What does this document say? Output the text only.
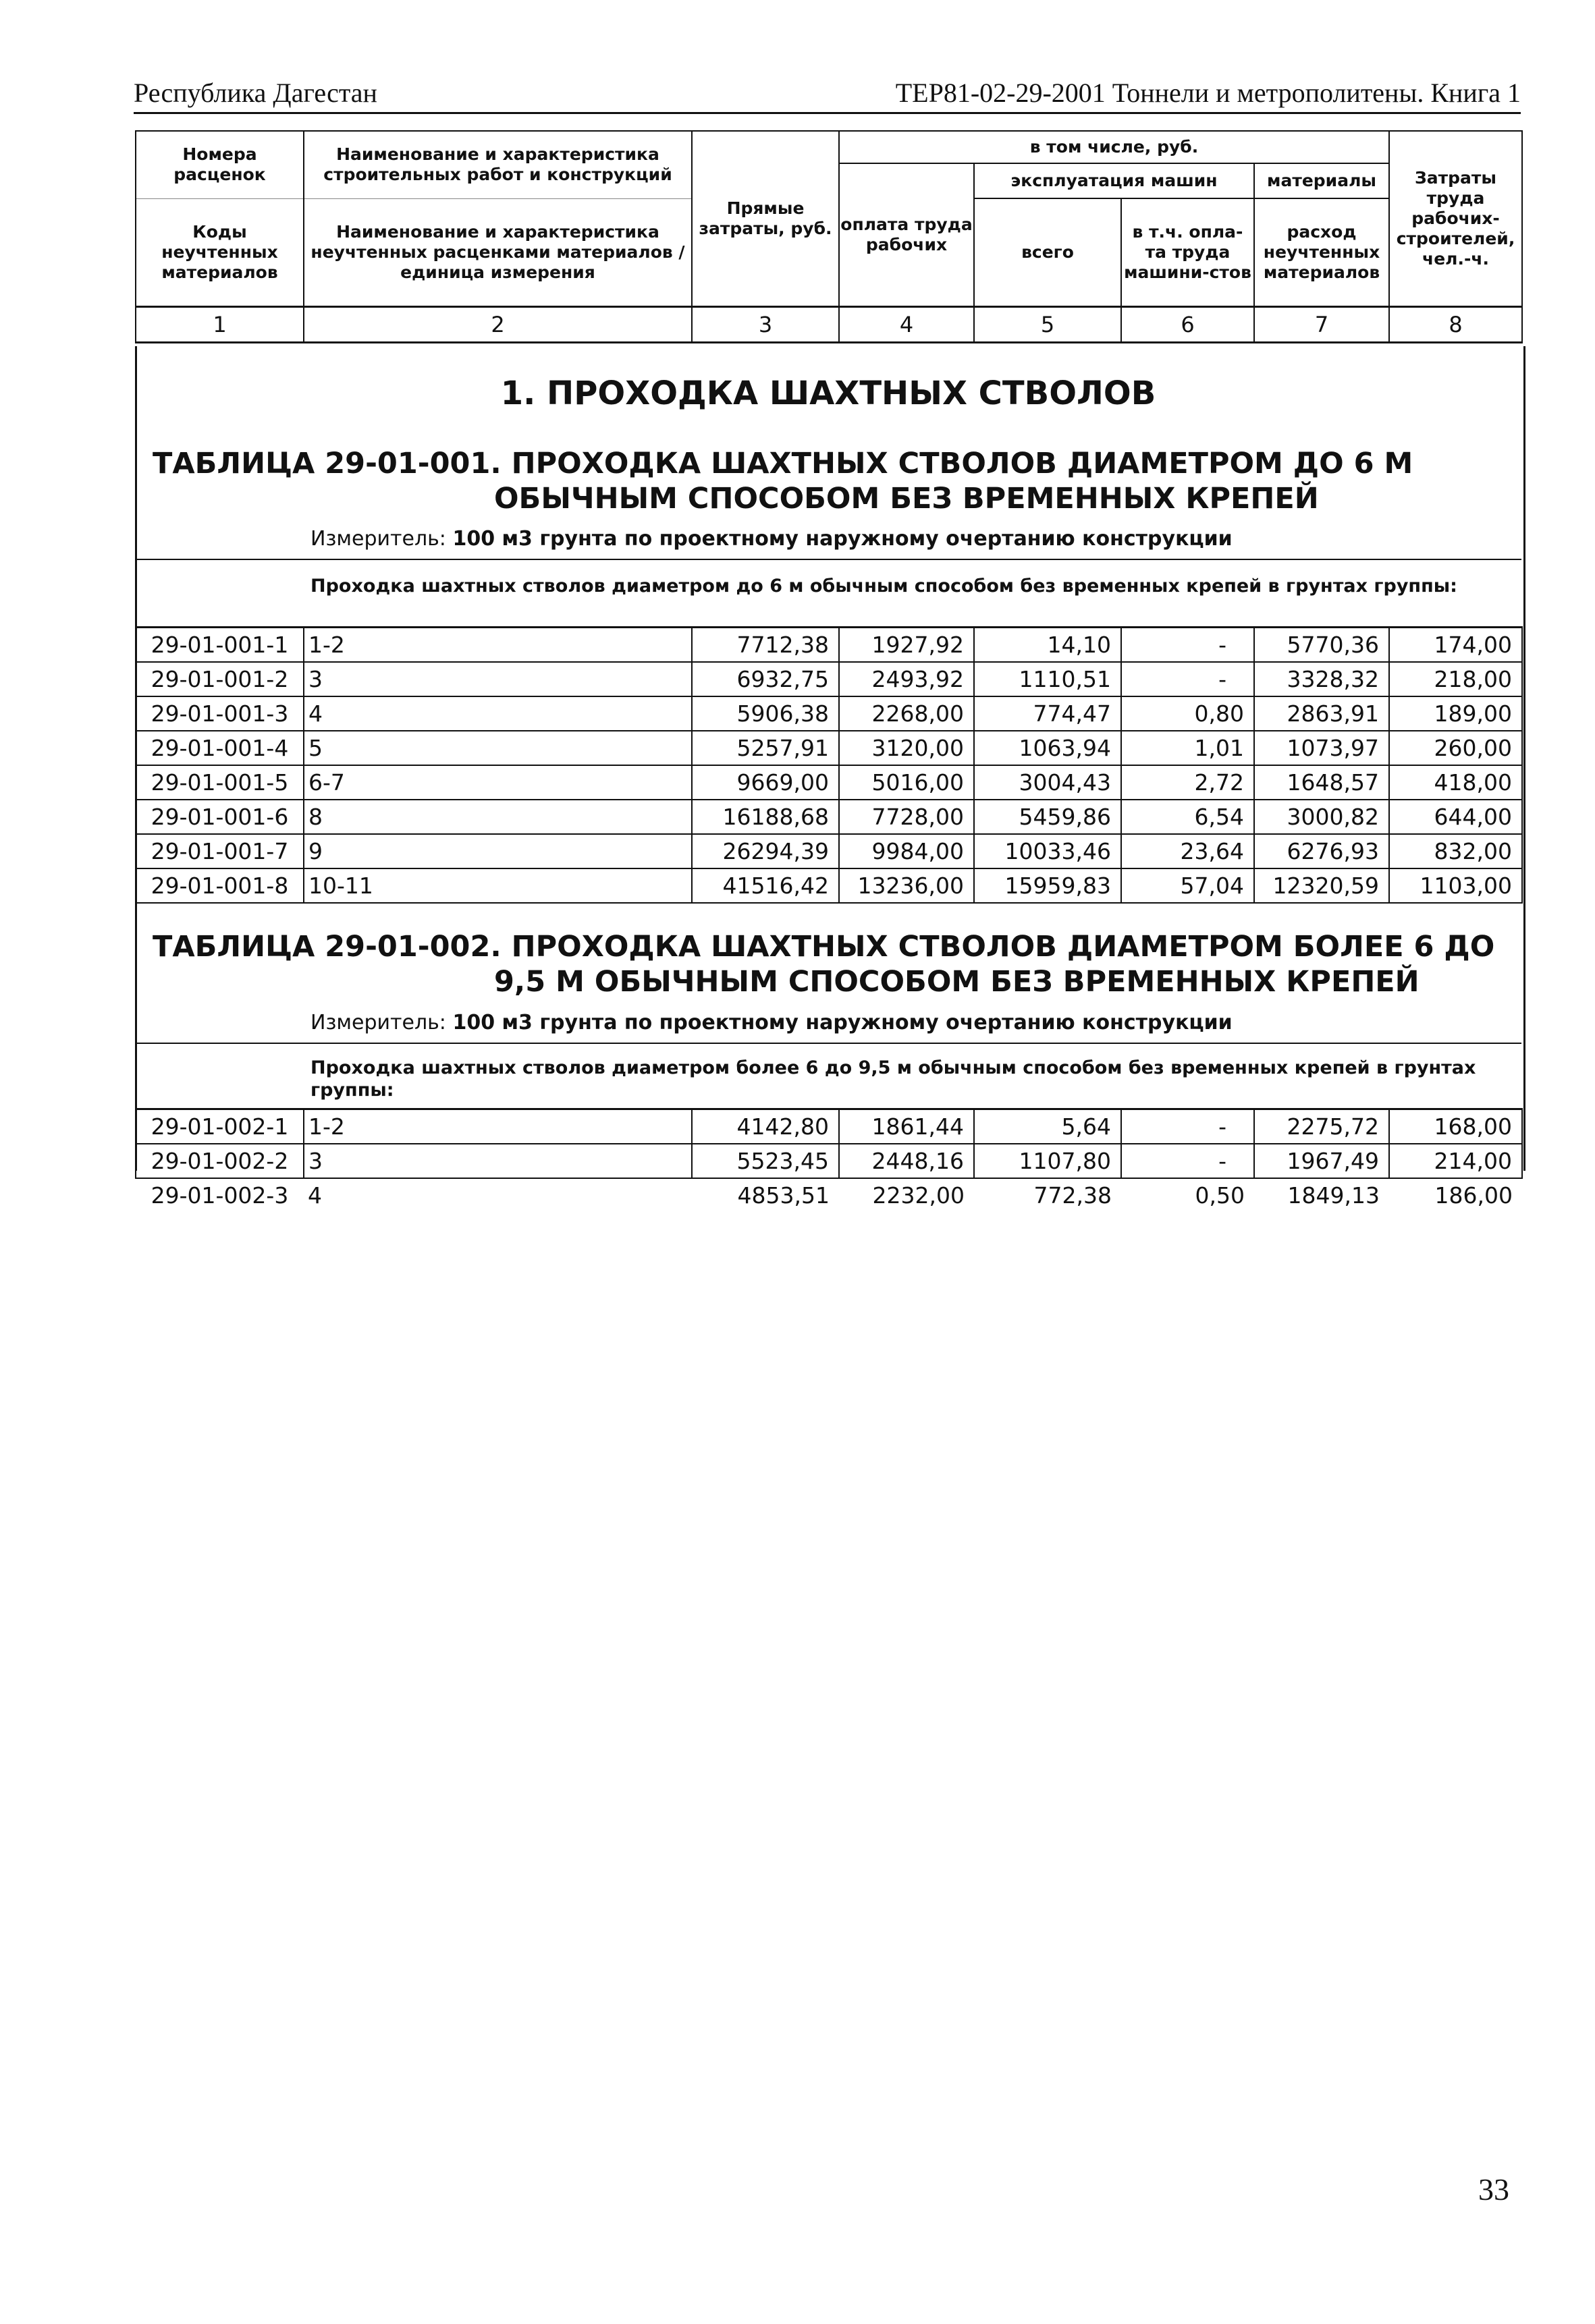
Республика Дагестан	ТЕР81-02-29-2001 Тоннели и метрополитены. Книга 1
Номера расценок	Наименование и характеристика строительных работ и конструкций	Прямые затраты, руб.	в том числе, руб.				Затраты труда рабочих-строителей, чел.-ч.
			оплата труда рабочих	эксплуатация машин		материалы	
Коды неучтенных материалов	Наименование и характеристика неучтенных расценками материалов / единица измерения			всего	в т.ч. опла-та труда машини-стов	расход неучтенных материалов	

1	2	3	4	5	6	7	8
1. ПРОХОДКА ШАХТНЫХ СТВОЛОВ
ТАБЛИЦА 29-01-001. ПРОХОДКА ШАХТНЫХ СТВОЛОВ ДИАМЕТРОМ ДО 6 М
ОБЫЧНЫМ СПОСОБОМ БЕЗ ВРЕМЕННЫХ КРЕПЕЙ
Измеритель: 100 м3 грунта по проектному наружному очертанию конструкции
Проходка шахтных стволов диаметром до 6 м обычным способом без временных крепей в грунтах группы:
29-01-001-1	1-2	7712,38	1927,92	14,10	-	5770,36	174,00
29-01-001-2	3	6932,75	2493,92	1110,51	-	3328,32	218,00
29-01-001-3	4	5906,38	2268,00	774,47	0,80	2863,91	189,00
29-01-001-4	5	5257,91	3120,00	1063,94	1,01	1073,97	260,00
29-01-001-5	6-7	9669,00	5016,00	3004,43	2,72	1648,57	418,00
29-01-001-6	8	16188,68	7728,00	5459,86	6,54	3000,82	644,00
29-01-001-7	9	26294,39	9984,00	10033,46	23,64	6276,93	832,00
29-01-001-8	10-11	41516,42	13236,00	15959,83	57,04	12320,59	1103,00
ТАБЛИЦА 29-01-002. ПРОХОДКА ШАХТНЫХ СТВОЛОВ ДИАМЕТРОМ БОЛЕЕ 6 ДО
9,5 М ОБЫЧНЫМ СПОСОБОМ БЕЗ ВРЕМЕННЫХ КРЕПЕЙ
Измеритель: 100 м3 грунта по проектному наружному очертанию конструкции
Проходка шахтных стволов диаметром более 6 до 9,5 м обычным способом без временных крепей в грунтах группы:
29-01-002-1	1-2	4142,80	1861,44	5,64	-	2275,72	168,00
29-01-002-2	3	5523,45	2448,16	1107,80	-	1967,49	214,00
29-01-002-3	4	4853,51	2232,00	772,38	0,50	1849,13	186,00
33
